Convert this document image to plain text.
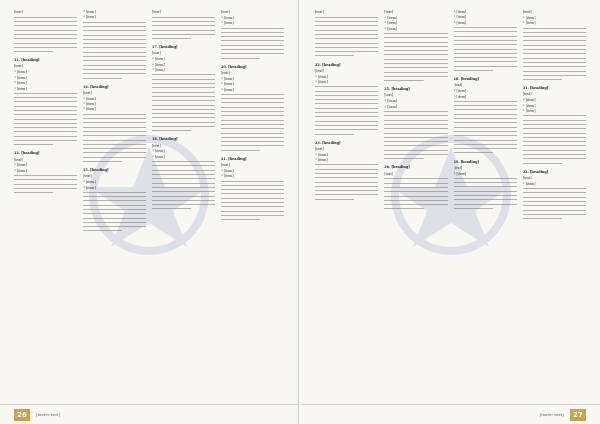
[text]
11. [heading]
[text]
✦ [item]
✦ [item]
✦ [item]
✦ [item]
12. [heading]
[text]
✦ [item]
✦ [item]
✦ [item]
✦ [item]
14. [heading]
[text]
✦ [item]
✦ [item]
✦ [item]
15. [heading]
[text]
✦ [item]
✦ [item]
[text]
17. [heading]
[text]
✦ [item]
✦ [item]
✦ [item]
18. [heading]
[text]
✦ [item]
✦ [item]
[text]
✦ [item]
✦ [item]
20. [heading]
[text]
✦ [item]
✦ [item]
✦ [item]
21. [heading]
[text]
✦ [item]
✦ [item]
26	[footer text]
[text]
22. [heading]
[text]
✦ [item]
✦ [item]
23. [heading]
[text]
✦ [item]
✦ [item]
[text]
✦ [item]
✦ [item]
✦ [item]
25. [heading]
[text]
✦ [item]
✦ [item]
26. [heading]
[text]
✦ [item]
✦ [item]
✦ [item]
28. [heading]
[text]
✦ [item]
✦ [item]
29. [heading]
[text]
✦ [item]
[text]
✦ [item]
✦ [item]
31. [heading]
[text]
✦ [item]
✦ [item]
✦ [item]
32. [heading]
[text]
✦ [item]
[footer text]	27
